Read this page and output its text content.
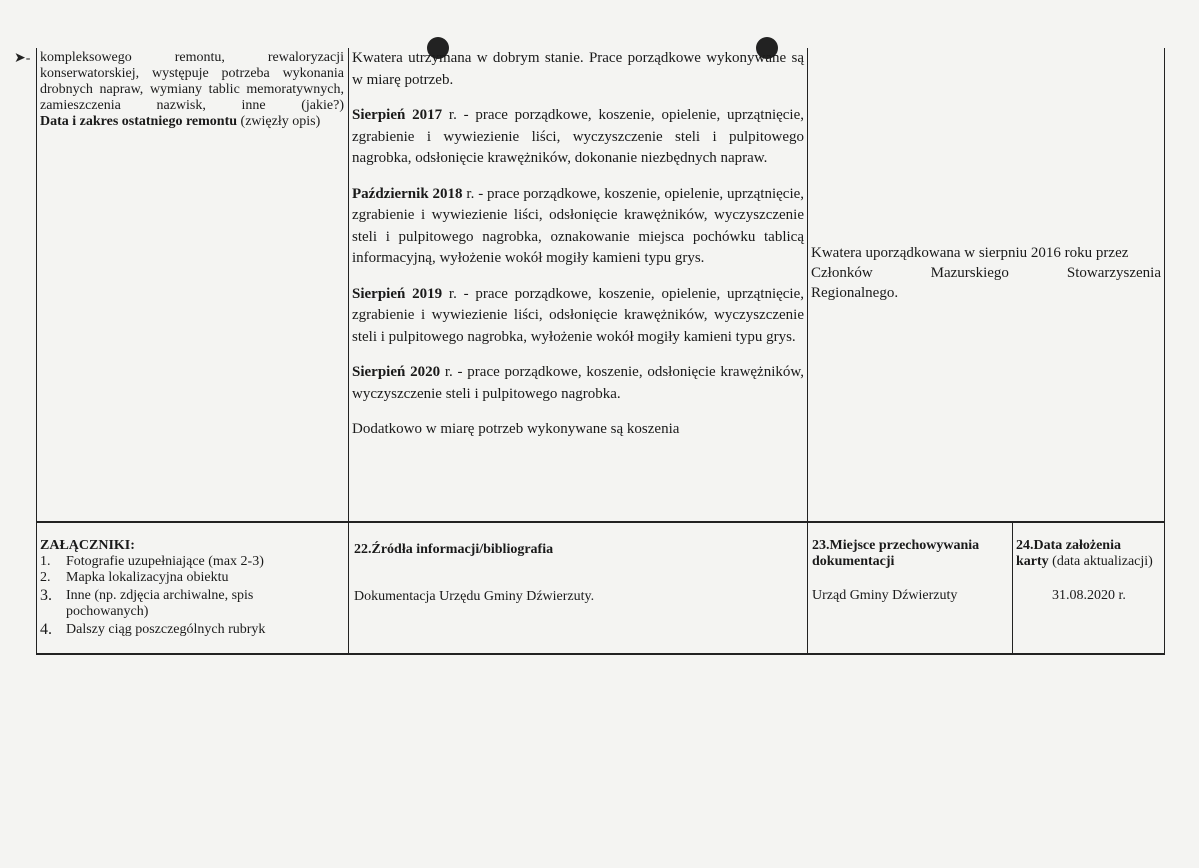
➤- kompleksowego remontu, rewaloryzacji konserwatorskiej, występuje potrzeba wykonania drobnych napraw, wymiany tablic memoratywnych, zamieszczenia nazwisk, inne (jakie?)
Data i zakres ostatniego remontu (zwięzły opis)

Kwatera utrzymana w dobrym stanie. Prace porządkowe wykonywane są w miarę potrzeb.

Sierpień 2017 r. - prace porządkowe, koszenie, opielenie, uprzątnięcie, zgrabienie i wywiezienie liści, wyczyszczenie steli i pulpitowego nagrobka, odsłonięcie krawężników, dokonanie niezbędnych napraw.

Październik 2018 r. - prace porządkowe, koszenie, opielenie, uprzątnięcie, zgrabienie i wywiezienie liści, odsłonięcie krawężników, wyczyszczenie steli i pulpitowego nagrobka, oznakowanie miejsca pochówku tablicą informacyjną, wyłożenie wokół mogiły kamieni typu grys.

Sierpień 2019 r. - prace porządkowe, koszenie, opielenie, uprzątnięcie, zgrabienie i wywiezienie liści, odsłonięcie krawężników, wyczyszczenie steli i pulpitowego nagrobka, wyłożenie wokół mogiły kamieni typu grys.

Sierpień 2020 r. - prace porządkowe, koszenie, odsłonięcie krawężników, wyczyszczenie steli i pulpitowego nagrobka.

Dodatkowo w miarę potrzeb wykonywane są koszenia

Kwatera uporządkowana w sierpniu 2016 roku przez
Członków Mazurskiego Stowarzyszenia
Regionalnego.
ZAŁĄCZNIKI:
1.	Fotografie uzupełniające (max 2-3)
2.	Mapka lokalizacyjna obiektu
3.	Inne (np. zdjęcia archiwalne, spis pochowanych)
4.	Dalszy ciąg poszczególnych rubryk
22.Źródła informacji/bibliografia
Dokumentacja Urzędu Gminy Dźwierzuty.
23.Miejsce przechowywania
dokumentacji
Urząd Gminy Dźwierzuty
24.Data założenia
karty (data aktualizacji)
31.08.2020 r.
